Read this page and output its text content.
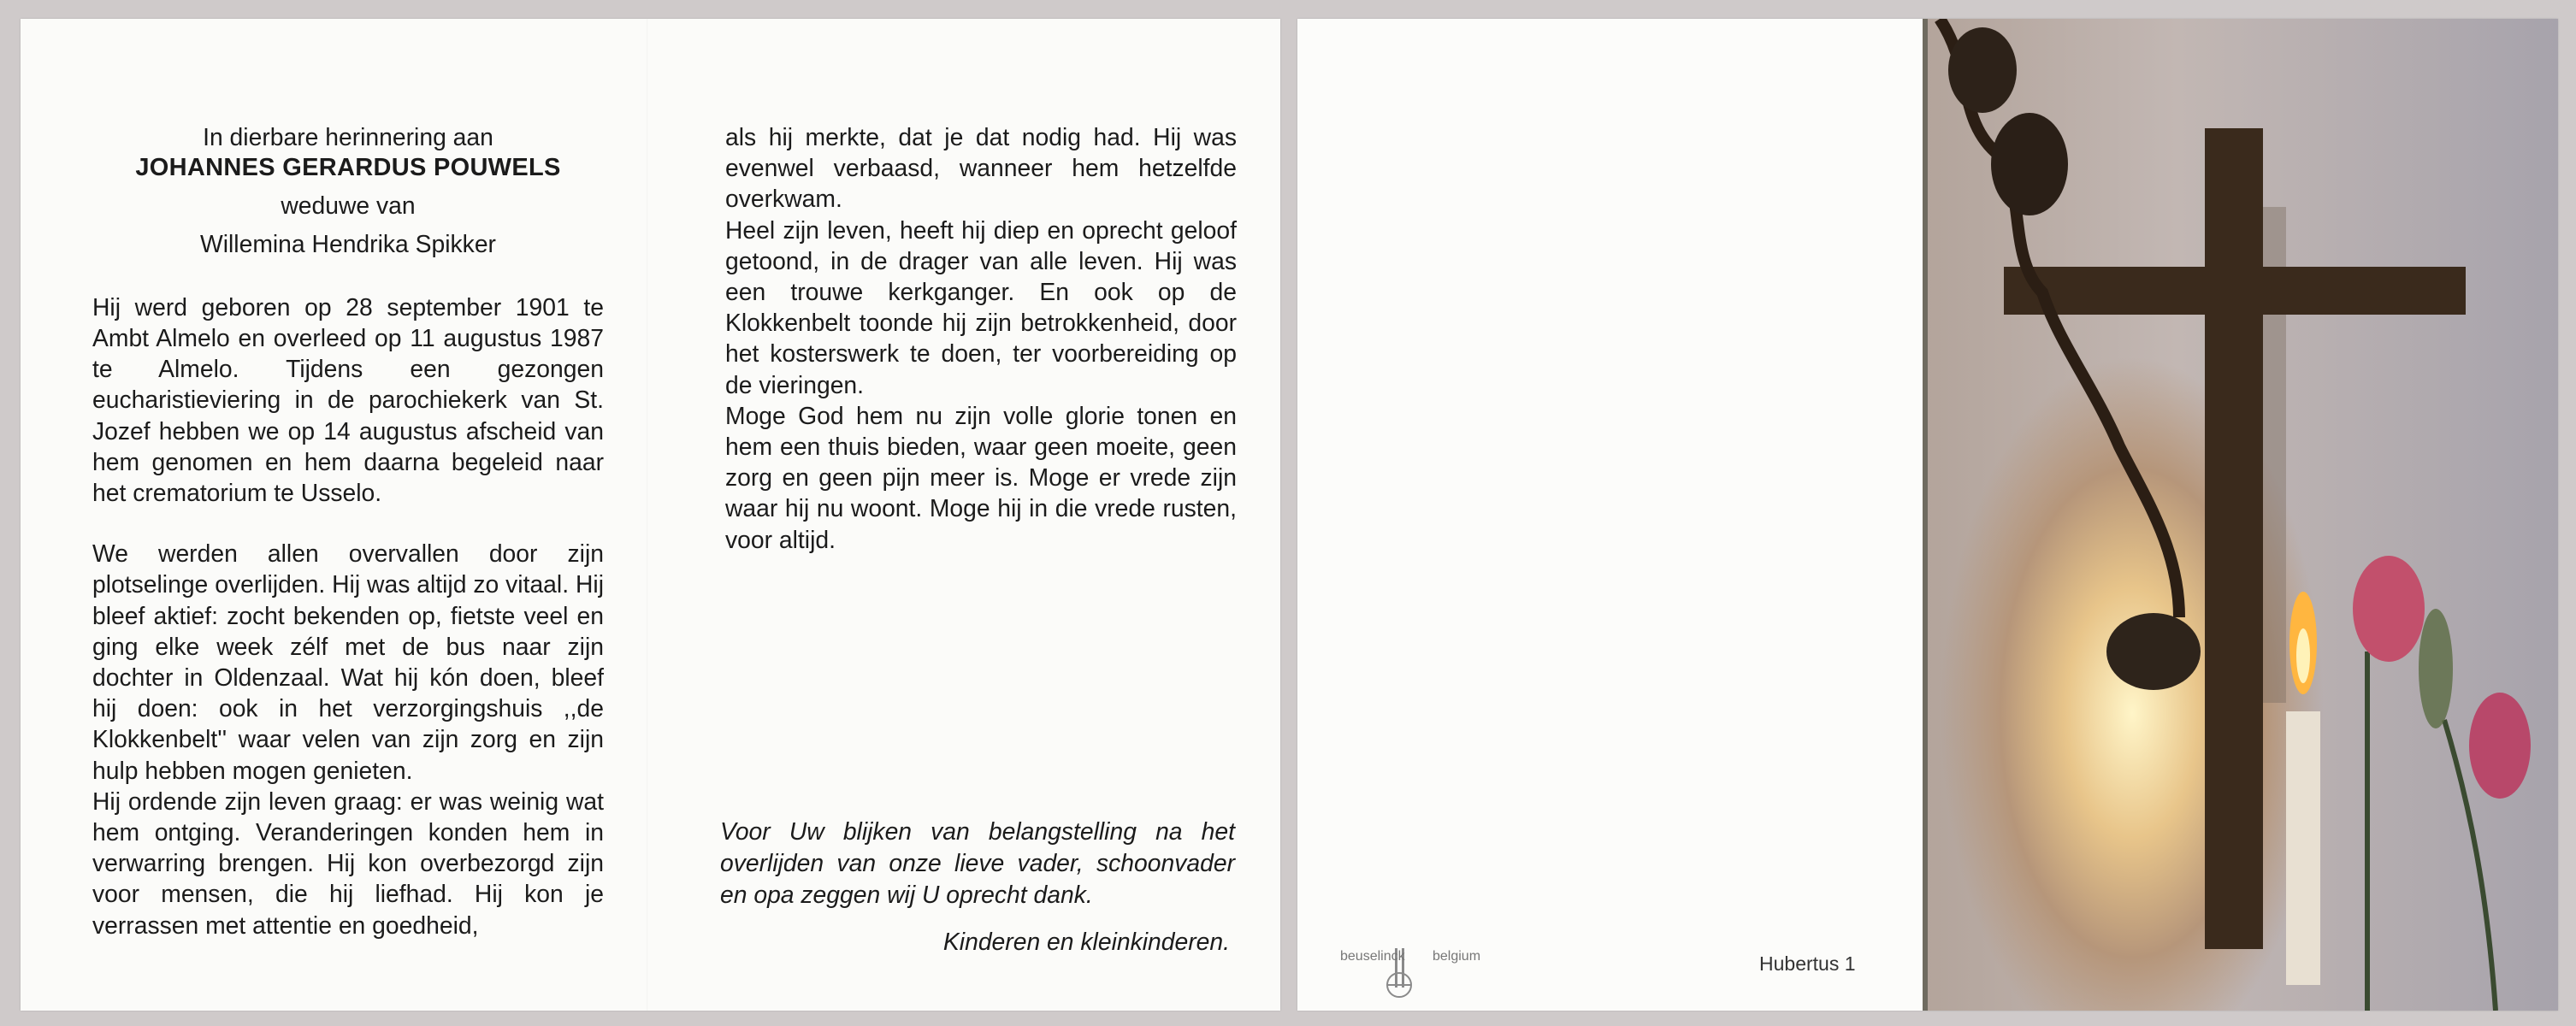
In dierbare herinnering aan
JOHANNES GERARDUS POUWELS
weduwe van
Willemina Hendrika Spikker

Hij werd geboren op 28 september 1901 te Ambt Almelo en overleed op 11 augustus 1987 te Almelo. Tijdens een gezongen eucharistieviering in de parochiekerk van St. Jozef hebben we op 14 augustus afscheid van hem genomen en hem daarna begeleid naar het crematorium te Usselo.

We werden allen overvallen door zijn plotselinge overlijden. Hij was altijd zo vitaal. Hij bleef aktief: zocht bekenden op, fietste veel en ging elke week zélf met de bus naar zijn dochter in Oldenzaal. Wat hij kón doen, bleef hij doen: ook in het verzorgingshuis ,,de Klokkenbelt'' waar velen van zijn zorg en zijn hulp hebben mogen genieten.

Hij ordende zijn leven graag: er was weinig wat hem ontging. Veranderingen konden hem in verwarring brengen. Hij kon overbezorgd zijn voor mensen, die hij liefhad. Hij kon je verrassen met attentie en goedheid,

als hij merkte, dat je dat nodig had. Hij was evenwel verbaasd, wanneer hem hetzelfde overkwam.

Heel zijn leven, heeft hij diep en oprecht geloof getoond, in de drager van alle leven. Hij was een trouwe kerkganger. En ook op de Klokkenbelt toonde hij zijn betrokkenheid, door het kosterswerk te doen, ter voorbereiding op de vieringen.

Moge God hem nu zijn volle glorie tonen en hem een thuis bieden, waar geen moeite, geen zorg en geen pijn meer is. Moge er vrede zijn waar hij nu woont. Moge hij in die vrede rusten, voor altijd.

Voor Uw blijken van belangstelling na het overlijden van onze lieve vader, schoonvader en opa zeggen wij U oprecht dank.
Kinderen en kleinkinderen.
beuselinck belgium	Hubertus 1
